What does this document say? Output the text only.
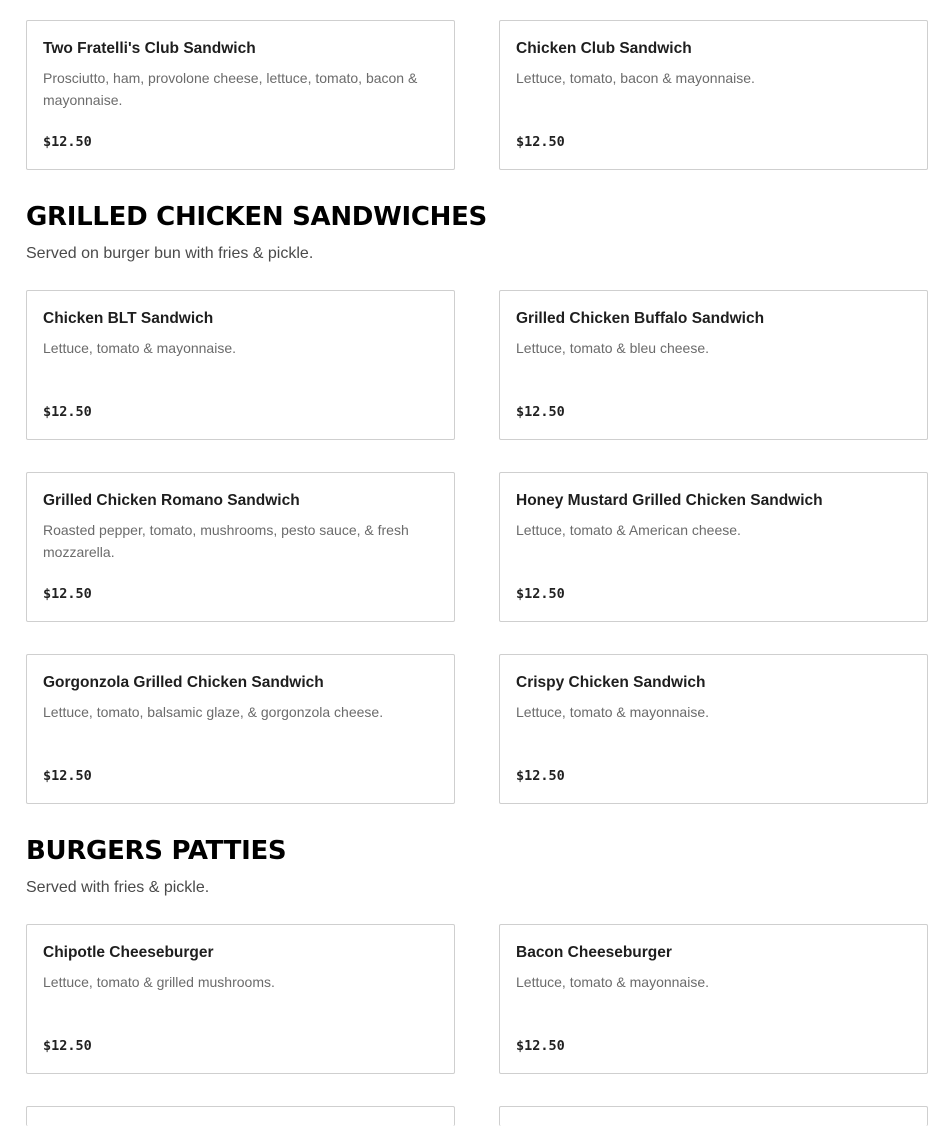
Two Fratelli's Club Sandwich
Prosciutto, ham, provolone cheese, lettuce, tomato, bacon & mayonnaise.
$12.50
Chicken Club Sandwich
Lettuce, tomato, bacon & mayonnaise.
$12.50
GRILLED CHICKEN SANDWICHES
Served on burger bun with fries & pickle.
Chicken BLT Sandwich
Lettuce, tomato & mayonnaise.
$12.50
Grilled Chicken Buffalo Sandwich
Lettuce, tomato & bleu cheese.
$12.50
Grilled Chicken Romano Sandwich
Roasted pepper, tomato, mushrooms, pesto sauce, & fresh mozzarella.
$12.50
Honey Mustard Grilled Chicken Sandwich
Lettuce, tomato & American cheese.
$12.50
Gorgonzola Grilled Chicken Sandwich
Lettuce, tomato, balsamic glaze, & gorgonzola cheese.
$12.50
Crispy Chicken Sandwich
Lettuce, tomato & mayonnaise.
$12.50
BURGERS PATTIES
Served with fries & pickle.
Chipotle Cheeseburger
Lettuce, tomato & grilled mushrooms.
$12.50
Bacon Cheeseburger
Lettuce, tomato & mayonnaise.
$12.50
